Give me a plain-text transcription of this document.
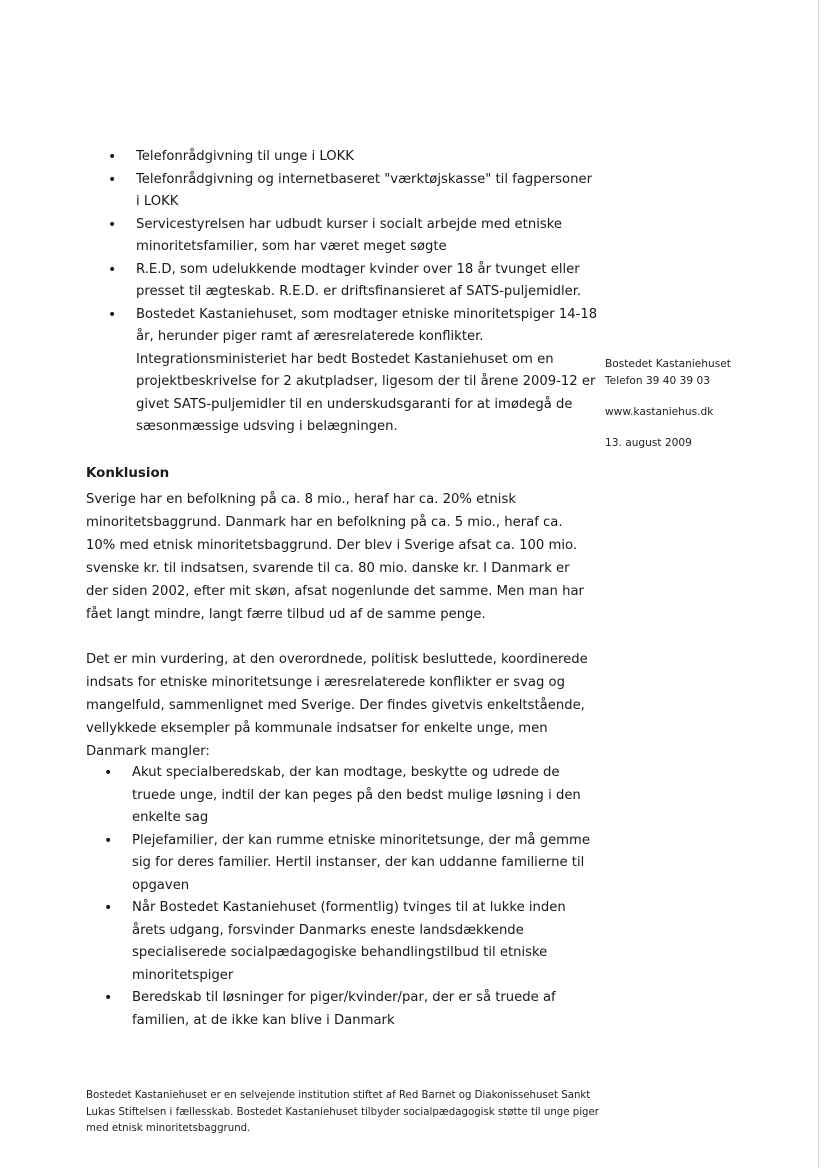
• Telefonrådgivning til unge i LOKK
• Telefonrådgivning og internetbaseret "værktøjskasse" til fagpersoner i LOKK
• Servicestyrelsen har udbudt kurser i socialt arbejde med etniske minoritetsfamilier, som har været meget søgte
• R.E.D, som udelukkende modtager kvinder over 18 år tvunget eller presset til ægteskab. R.E.D. er driftsfinansieret af SATS-puljemidler.
• Bostedet Kastaniehuset, som modtager etniske minoritetspiger 14-18 år, herunder piger ramt af æresrelaterede konflikter. Integrationsministeriet har bedt Bostedet Kastaniehuset om en projektbeskrivelse for 2 akutpladser, ligesom der til årene 2009-12 er givet SATS-puljemidler til en underskudsgaranti for at imødegå de sæsonmæssige udsving i belægningen.
Bostedet Kastaniehuset
Telefon 39 40 39 03
www.kastaniehus.dk
13. august 2009
Konklusion

Sverige har en befolkning på ca. 8 mio., heraf har ca. 20% etnisk minoritetsbaggrund. Danmark har en befolkning på ca. 5 mio., heraf ca. 10% med etnisk minoritetsbaggrund. Der blev i Sverige afsat ca. 100 mio. svenske kr. til indsatsen, svarende til ca. 80 mio. danske kr. I Danmark er der siden 2002, efter mit skøn, afsat nogenlunde det samme. Men man har fået langt mindre, langt færre tilbud ud af de samme penge.

Det er min vurdering, at den overordnede, politisk besluttede, koordinerede indsats for etniske minoritetsunge i æresrelaterede konflikter er svag og mangelfuld, sammenlignet med Sverige. Der findes givetvis enkeltstående, vellykkede eksempler på kommunale indsatser for enkelte unge, men Danmark mangler:

• Akut specialberedskab, der kan modtage, beskytte og udrede de truede unge, indtil der kan peges på den bedst mulige løsning i den enkelte sag
• Plejefamilier, der kan rumme etniske minoritetsunge, der må gemme sig for deres familier. Hertil instanser, der kan uddanne familierne til opgaven
• Når Bostedet Kastaniehuset (formentlig) tvinges til at lukke inden årets udgang, forsvinder Danmarks eneste landsdækkende specialiserede socialpædagogiske behandlingstilbud til etniske minoritetspiger
• Beredskab til løsninger for piger/kvinder/par, der er så truede af familien, at de ikke kan blive i Danmark

Bostedet Kastaniehuset er en selvejende institution stiftet af Red Barnet og Diakonissehuset Sankt Lukas Stiftelsen i fællesskab. Bostedet Kastaniehuset tilbyder socialpædagogisk støtte til unge piger med etnisk minoritetsbaggrund.
